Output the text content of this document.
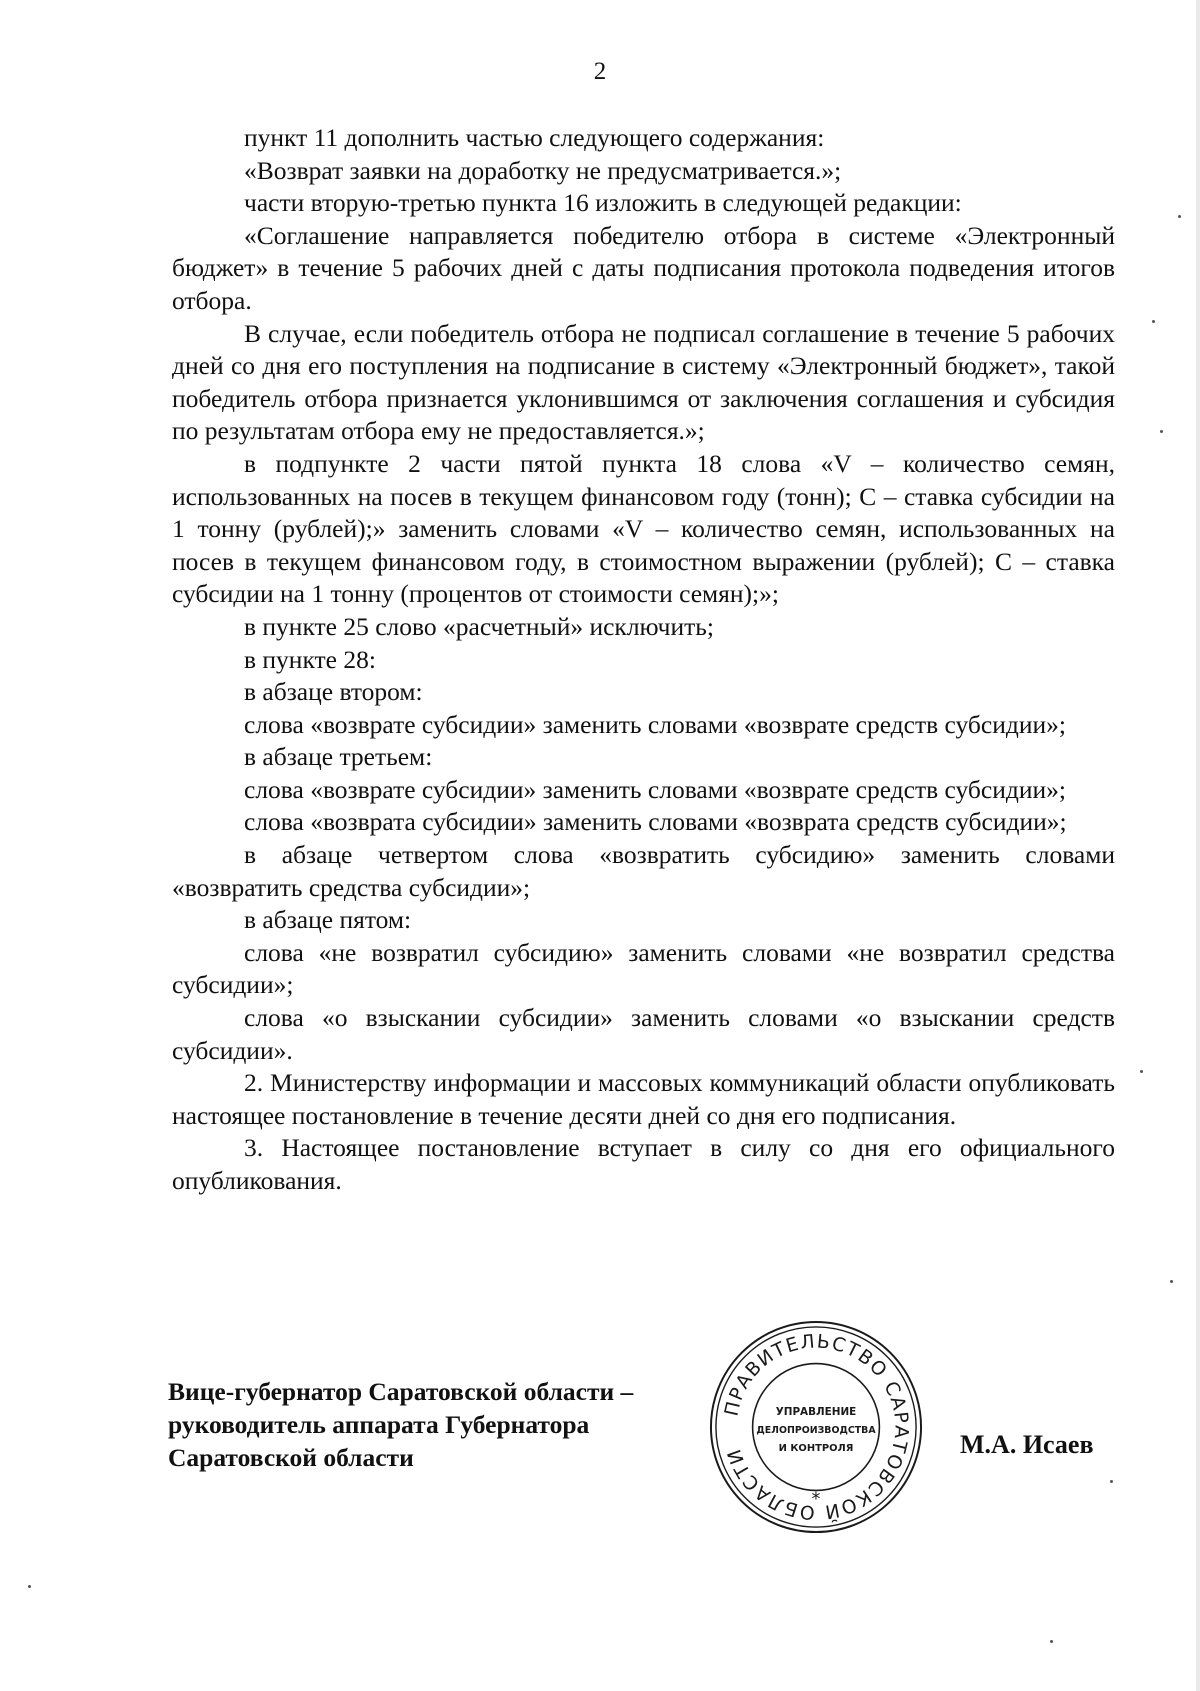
2

пункт 11 дополнить частью следующего содержания:

«Возврат заявки на доработку не предусматривается.»;

части вторую-третью пункта 16 изложить в следующей редакции:

«Соглашение направляется победителю отбора в системе «Электронный бюджет» в течение 5 рабочих дней с даты подписания протокола подведения итогов отбора.

В случае, если победитель отбора не подписал соглашение в течение 5 рабочих дней со дня его поступления на подписание в систему «Электронный бюджет», такой победитель отбора признается уклонившимся от заключения соглашения и субсидия по результатам отбора ему не предоставляется.»;

в подпункте 2 части пятой пункта 18 слова «V – количество семян, использованных на посев в текущем финансовом году (тонн); С – ставка субсидии на 1 тонну (рублей);» заменить словами «V – количество семян, использованных на посев в текущем финансовом году, в стоимостном выражении (рублей); С – ставка субсидии на 1 тонну (процентов от стоимости семян);»;

в пункте 25 слово «расчетный» исключить;

в пункте 28:

в абзаце втором:

слова «возврате субсидии» заменить словами «возврате средств субсидии»;

в абзаце третьем:

слова «возврате субсидии» заменить словами «возврате средств субсидии»;

слова «возврата субсидии» заменить словами «возврата средств субсидии»;

в абзаце четвертом слова «возвратить субсидию» заменить словами «возвратить средства субсидии»;

в абзаце пятом:

слова «не возвратил субсидию» заменить словами «не возвратил средства субсидии»;

слова «о взыскании субсидии» заменить словами «о взыскании средств субсидии».

2. Министерству информации и массовых коммуникаций области опубликовать настоящее постановление в течение десяти дней со дня его подписания.

3. Настоящее постановление вступает в силу со дня его официального опубликования.

Вице-губернатор Саратовской области –
руководитель аппарата Губернатора
Саратовской области
ПРАВИТЕЛЬСТВО САРАТОВСКОЙ ОБЛАСТИ
*
УПРАВЛЕНИЕ
ДЕЛОПРОИЗВОДСТВА
И КОНТРОЛЯ	М.А. Исаев
